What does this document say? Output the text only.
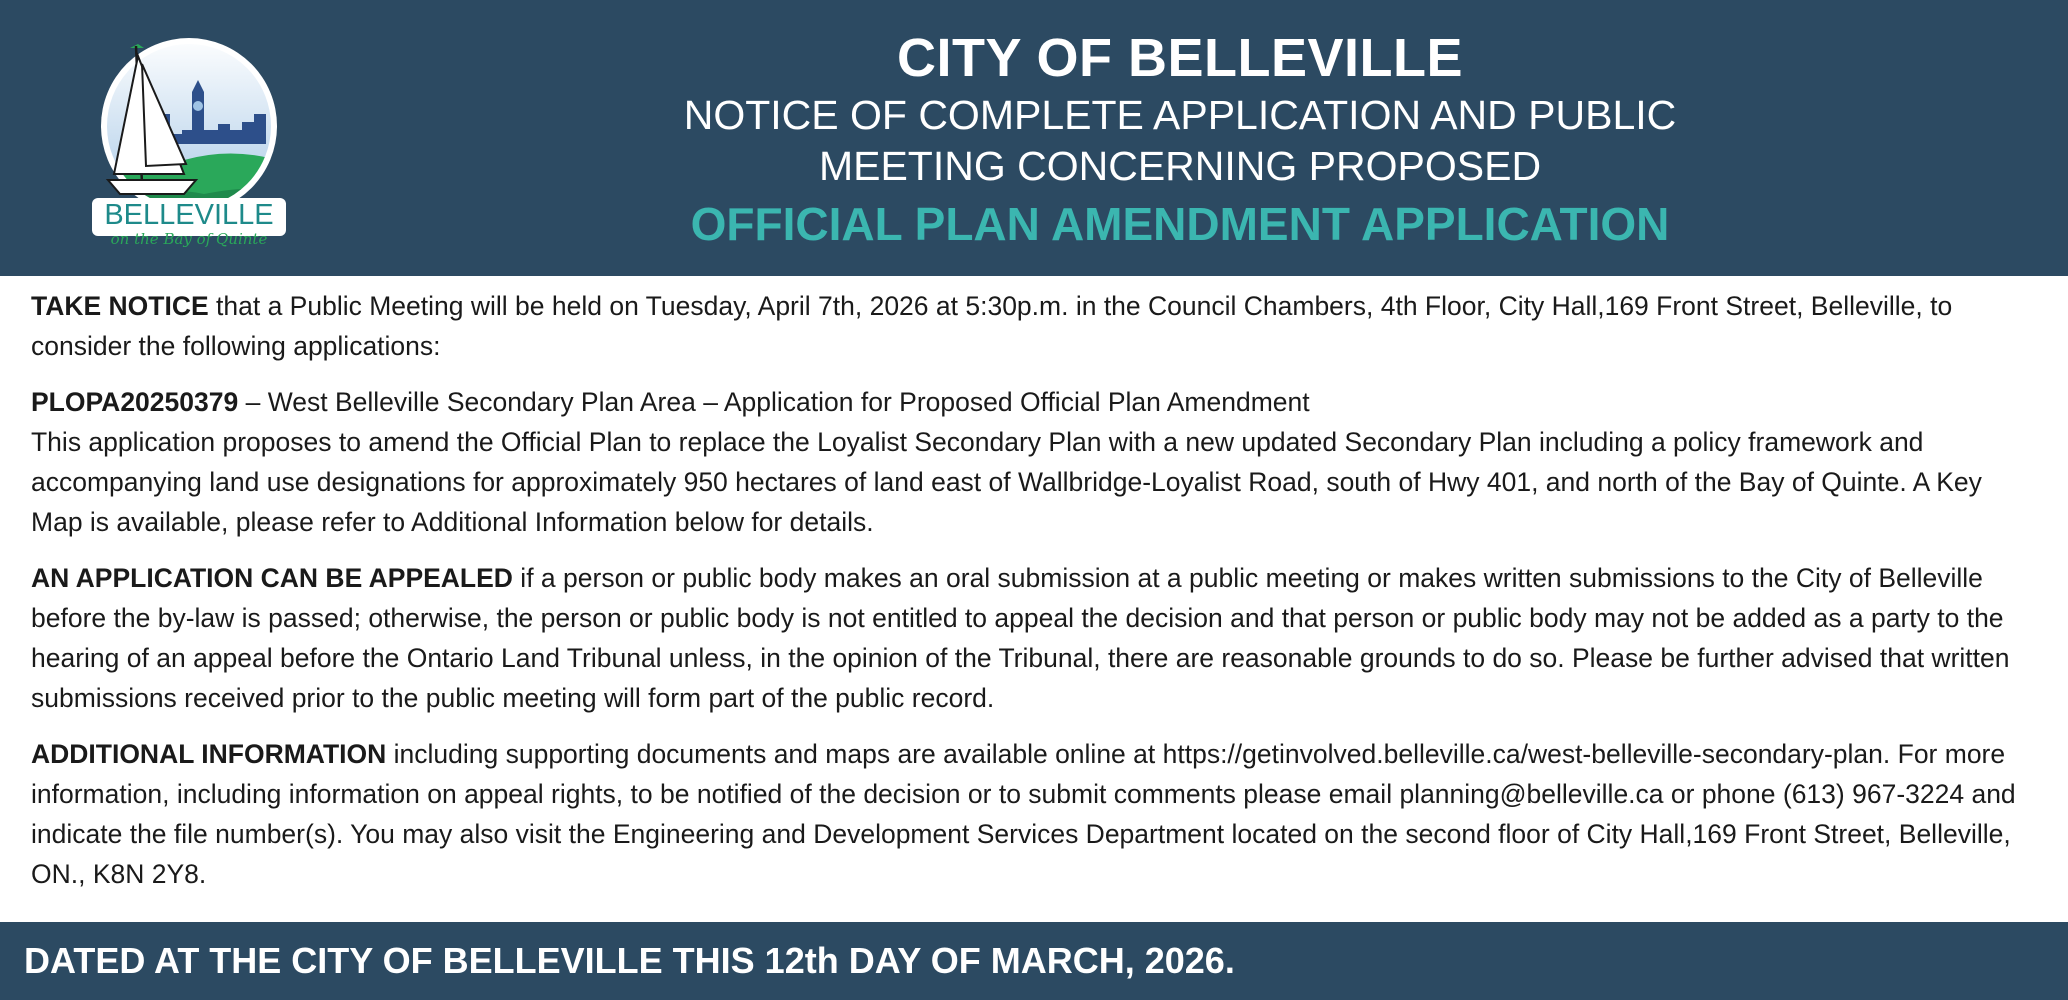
BELLEVILLE
on the Bay of Quinte
CITY OF BELLEVILLE
NOTICE OF COMPLETE APPLICATION AND PUBLIC
MEETING CONCERNING PROPOSED
OFFICIAL PLAN AMENDMENT APPLICATION

TAKE NOTICE that a Public Meeting will be held on Tuesday, April 7th, 2026 at 5:30p.m. in the Council Chambers, 4th Floor, City Hall,169 Front Street, Belleville, to consider the following applications:

PLOPA20250379 – West Belleville Secondary Plan Area – Application for Proposed Official Plan Amendment
This application proposes to amend the Official Plan to replace the Loyalist Secondary Plan with a new updated Secondary Plan including a policy framework and accompanying land use designations for approximately 950 hectares of land east of Wallbridge-Loyalist Road, south of Hwy 401, and north of the Bay of Quinte. A Key Map is available, please refer to Additional Information below for details.

AN APPLICATION CAN BE APPEALED if a person or public body makes an oral submission at a public meeting or makes written submissions to the City of Belleville before the by-law is passed; otherwise, the person or public body is not entitled to appeal the decision and that person or public body may not be added as a party to the hearing of an appeal before the Ontario Land Tribunal unless, in the opinion of the Tribunal, there are reasonable grounds to do so. Please be further advised that written submissions received prior to the public meeting will form part of the public record.

ADDITIONAL INFORMATION including supporting documents and maps are available online at https://getinvolved.belleville.ca/west-belleville-secondary-plan. For more information, including information on appeal rights, to be notified of the decision or to submit comments please email planning@belleville.ca or phone (613) 967-3224 and indicate the file number(s). You may also visit the Engineering and Development Services Department located on the second floor of City Hall,169 Front Street, Belleville, ON., K8N 2Y8.

DATED AT THE CITY OF BELLEVILLE THIS 12th DAY OF MARCH, 2026.
